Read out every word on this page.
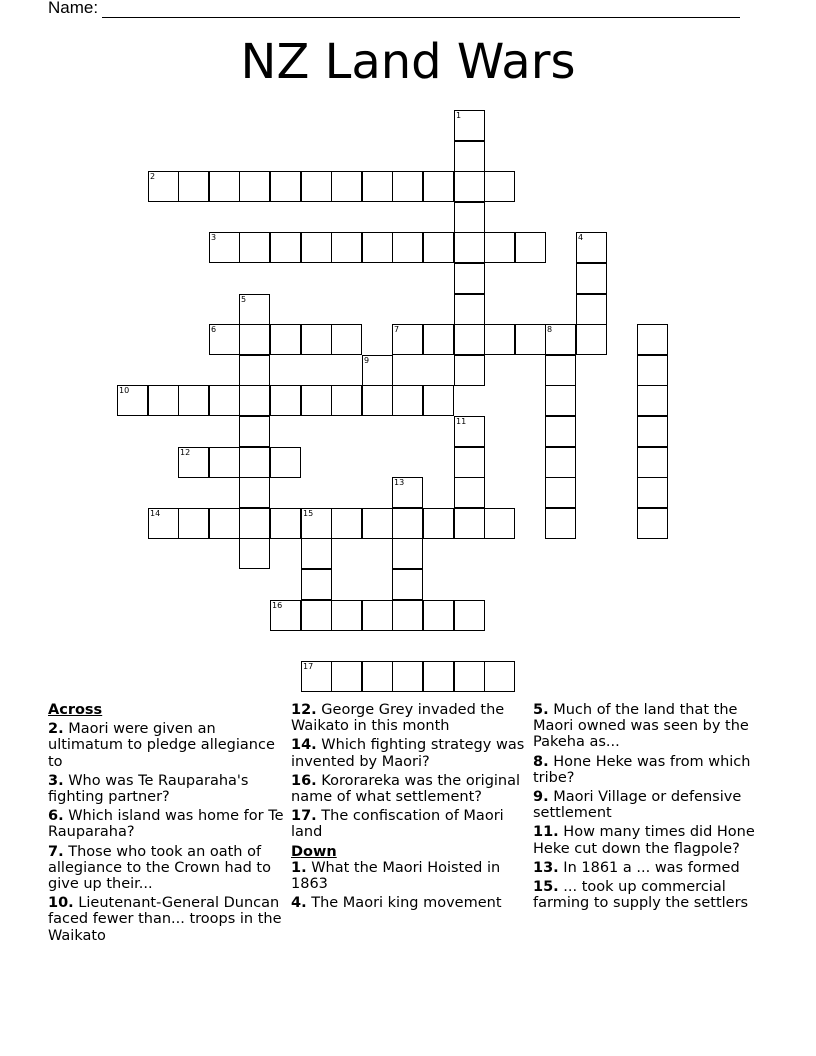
Name:
NZ Land Wars
1
2
3	4
5
6	7	8
9
10
11
12
13
14	15
16
17
Across
2. Maori were given an ultimatum to pledge allegiance to
3. Who was Te Rauparaha's fighting partner?
6. Which island was home for Te Rauparaha?
7. Those who took an oath of allegiance to the Crown had to give up their...
10. Lieutenant-General Duncan faced fewer than... troops in the Waikato
12. George Grey invaded the Waikato in this month
14. Which fighting strategy was invented by Maori?
16. Kororareka was the original name of what settlement?
17. The confiscation of Maori land
Down
1. What the Maori Hoisted in 1863
4. The Maori king movement
5. Much of the land that the Maori owned was seen by the Pakeha as...
8. Hone Heke was from which tribe?
9. Maori Village or defensive settlement
11. How many times did Hone Heke cut down the flagpole?
13. In 1861 a ... was formed
15. ... took up commercial farming to supply the settlers
